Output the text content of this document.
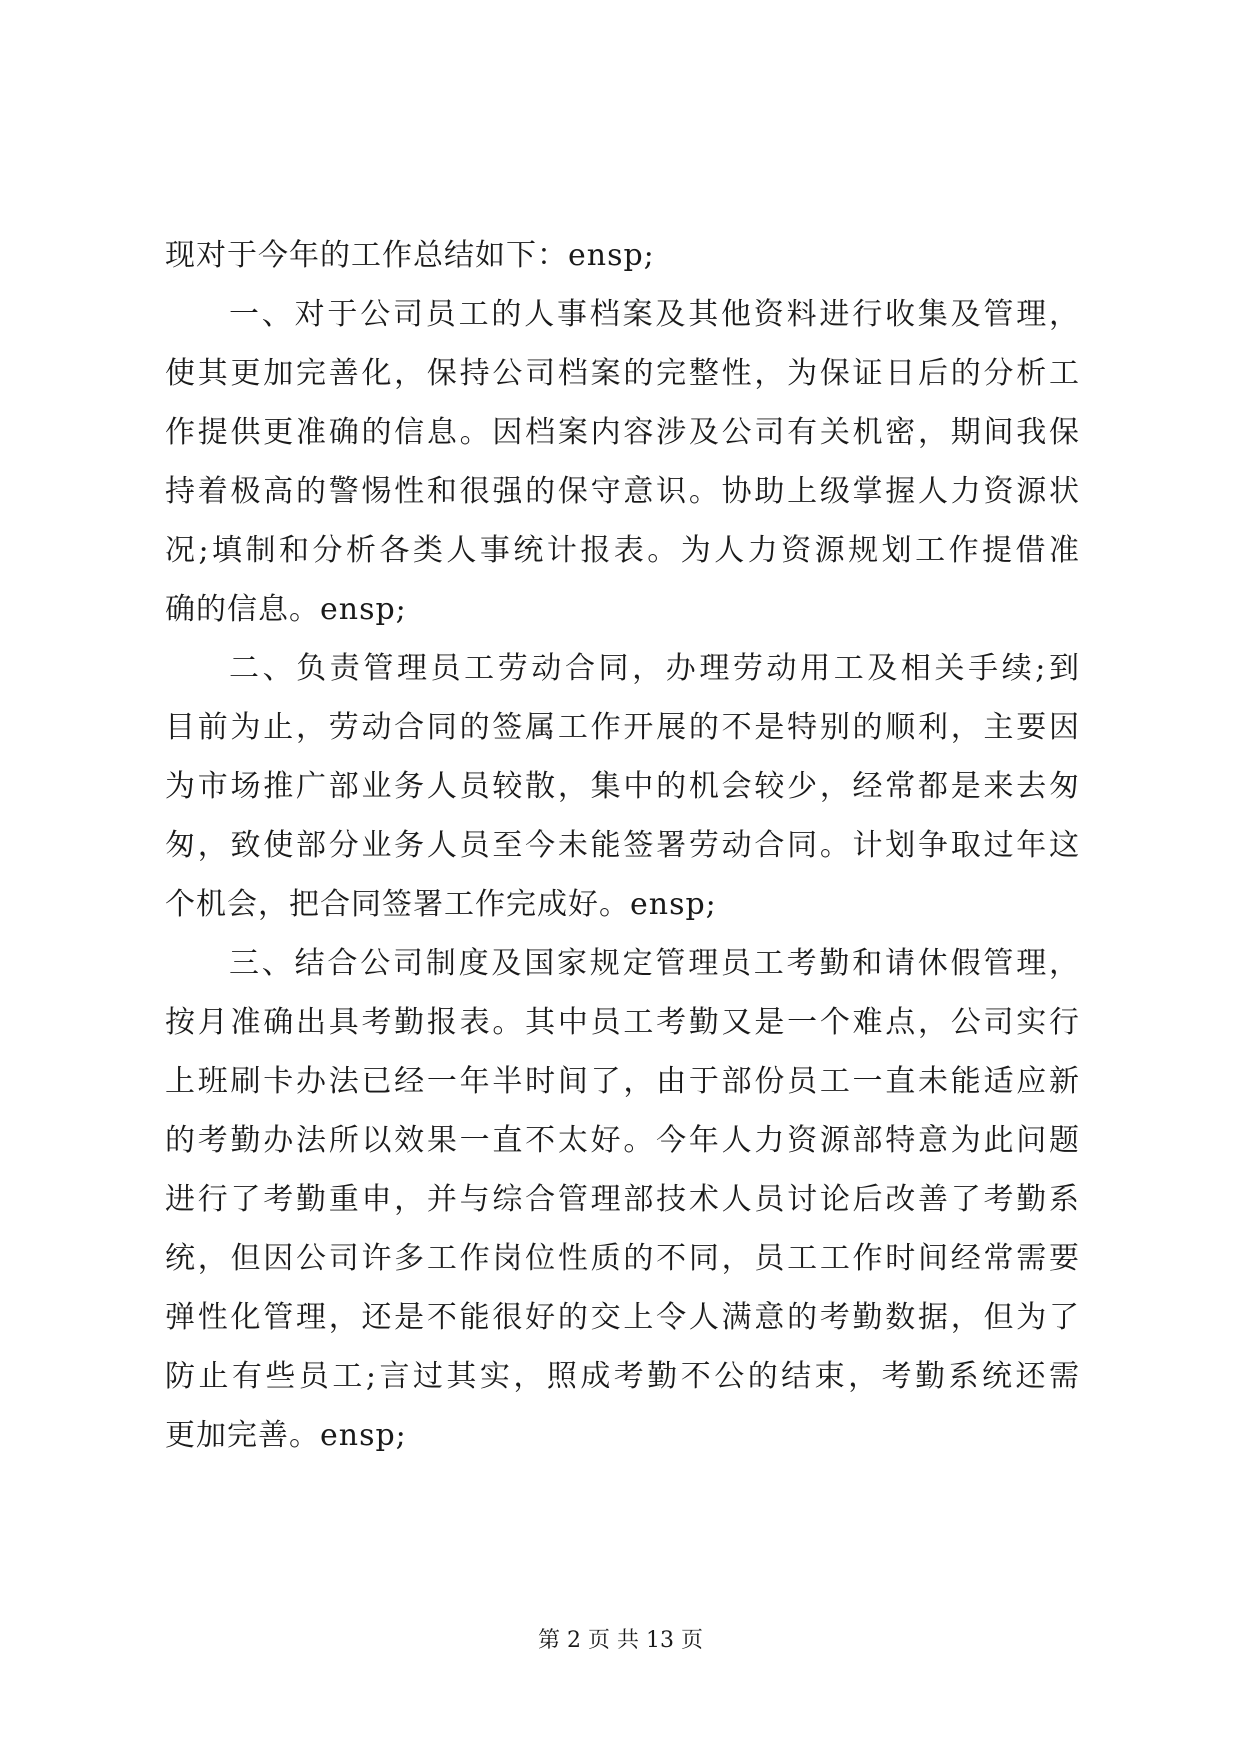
现对于今年的工作总结如下：ensp;
一、对于公司员工的人事档案及其他资料进行收集及管理，
使其更加完善化，保持公司档案的完整性，为保证日后的分析工
作提供更准确的信息。因档案内容涉及公司有关机密，期间我保
持着极高的警惕性和很强的保守意识。协助上级掌握人力资源状
况;填制和分析各类人事统计报表。为人力资源规划工作提借准
确的信息。ensp;
二、负责管理员工劳动合同，办理劳动用工及相关手续;到
目前为止，劳动合同的签属工作开展的不是特别的顺利，主要因
为市场推广部业务人员较散，集中的机会较少，经常都是来去匆
匆，致使部分业务人员至今未能签署劳动合同。计划争取过年这
个机会，把合同签署工作完成好。ensp;
三、结合公司制度及国家规定管理员工考勤和请休假管理，
按月准确出具考勤报表。其中员工考勤又是一个难点，公司实行
上班刷卡办法已经一年半时间了，由于部份员工一直未能适应新
的考勤办法所以效果一直不太好。今年人力资源部特意为此问题
进行了考勤重申，并与综合管理部技术人员讨论后改善了考勤系
统，但因公司许多工作岗位性质的不同，员工工作时间经常需要
弹性化管理，还是不能很好的交上令人满意的考勤数据，但为了
防止有些员工;言过其实，照成考勤不公的结束，考勤系统还需
更加完善。ensp;
第 2 页 共 13 页
